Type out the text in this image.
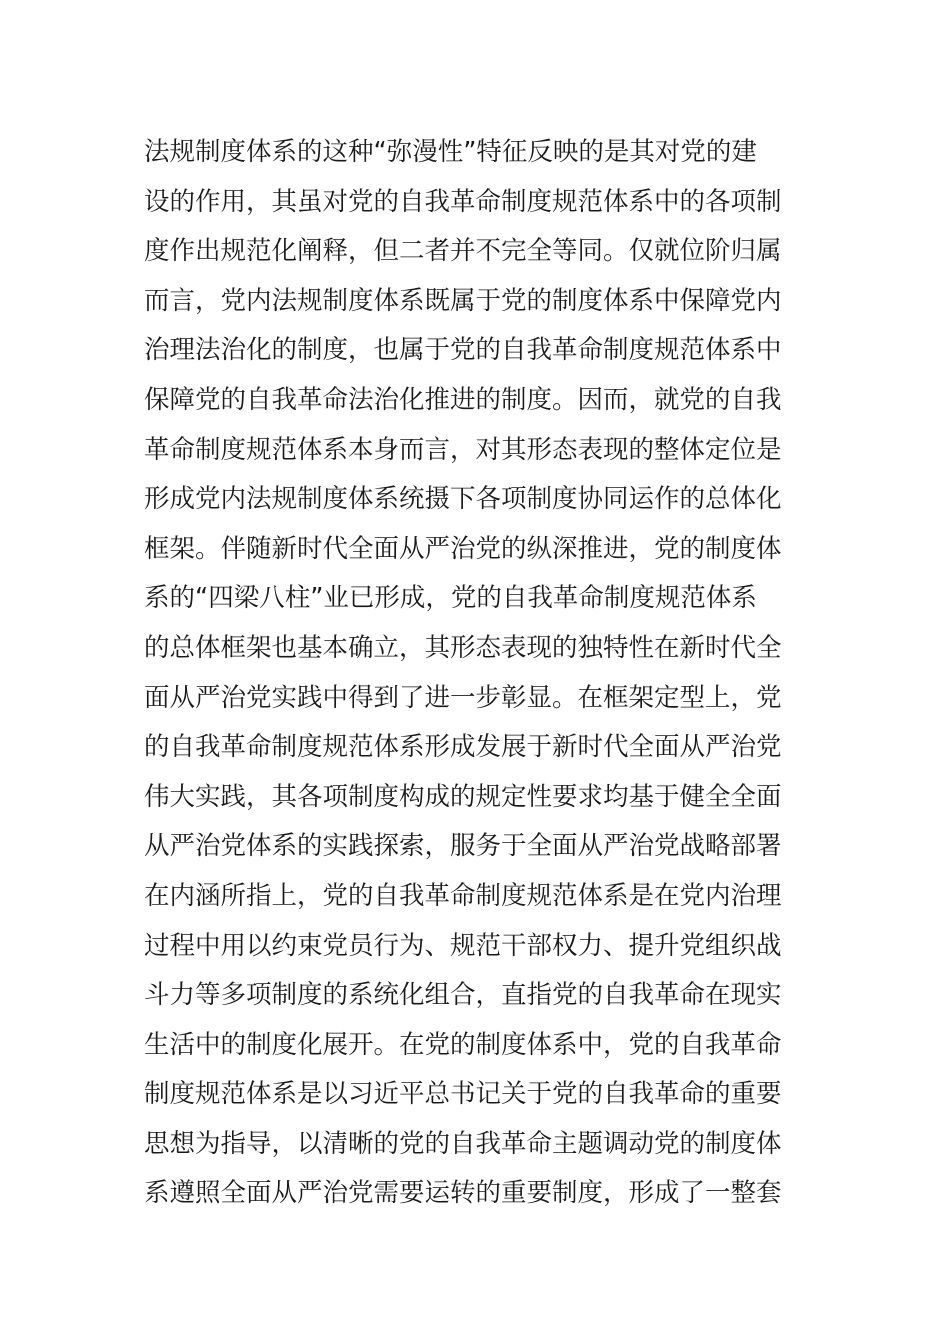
法规制度体系的这种“弥漫性”特征反映的是其对党的建
设的作用，其虽对党的自我革命制度规范体系中的各项制
度作出规范化阐释，但二者并不完全等同。仅就位阶归属
而言，党内法规制度体系既属于党的制度体系中保障党内
治理法治化的制度，也属于党的自我革命制度规范体系中
保障党的自我革命法治化推进的制度。因而，就党的自我
革命制度规范体系本身而言，对其形态表现的整体定位是
形成党内法规制度体系统摄下各项制度协同运作的总体化
框架。伴随新时代全面从严治党的纵深推进，党的制度体
系的“四梁八柱”业已形成，党的自我革命制度规范体系
的总体框架也基本确立，其形态表现的独特性在新时代全
面从严治党实践中得到了进一步彰显。在框架定型上，党
的自我革命制度规范体系形成发展于新时代全面从严治党
伟大实践，其各项制度构成的规定性要求均基于健全全面
从严治党体系的实践探索，服务于全面从严治党战略部署
在内涵所指上，党的自我革命制度规范体系是在党内治理
过程中用以约束党员行为、规范干部权力、提升党组织战
斗力等多项制度的系统化组合，直指党的自我革命在现实
生活中的制度化展开。在党的制度体系中，党的自我革命
制度规范体系是以习近平总书记关于党的自我革命的重要
思想为指导，以清晰的党的自我革命主题调动党的制度体
系遵照全面从严治党需要运转的重要制度，形成了一整套
